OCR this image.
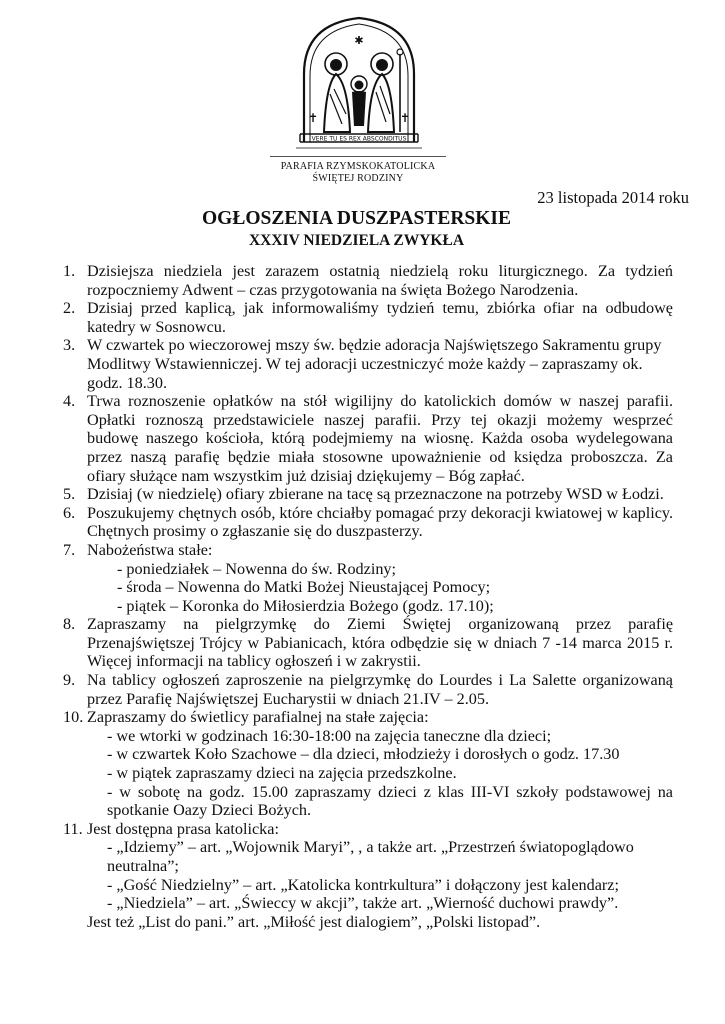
✱
✝	✝
VERE TU ES REX ABSCONDITUS
PARAFIA RZYMSKOKATOLICKA
ŚWIĘTEJ RODZINY
23 listopada 2014 roku
OGŁOSZENIA DUSZPASTERSKIE
XXXIV NIEDZIELA ZWYKŁA
1. Dzisiejsza niedziela jest zarazem ostatnią niedzielą roku liturgicznego. Za tydzień rozpoczniemy Adwent – czas przygotowania na święta Bożego Narodzenia.

2. Dzisiaj przed kaplicą, jak informowaliśmy tydzień temu, zbiórka ofiar na odbudowę katedry w Sosnowcu.

3. W czwartek po wieczorowej mszy św. będzie adoracja Najświętszego Sakramentu grupy Modlitwy Wstawienniczej. W tej adoracji uczestniczyć może każdy – zapraszamy ok. godz. 18.30.

4. Trwa roznoszenie opłatków na stół wigilijny do katolickich domów w naszej parafii. Opłatki roznoszą przedstawiciele naszej parafii. Przy tej okazji możemy wesprzeć budowę naszego kościoła, którą podejmiemy na wiosnę. Każda osoba wydelegowana przez naszą parafię będzie miała stosowne upoważnienie od księdza proboszcza. Za ofiary służące nam wszystkim już dzisiaj dziękujemy – Bóg zapłać.

5. Dzisiaj (w niedzielę) ofiary zbierane na tacę są przeznaczone na potrzeby WSD w Łodzi.

6. Poszukujemy chętnych osób, które chciałby pomagać przy dekoracji kwiatowej w kaplicy. Chętnych prosimy o zgłaszanie się do duszpasterzy.

7. Nabożeństwa stałe:

- poniedziałek – Nowenna do św. Rodziny;

- środa – Nowenna do Matki Bożej Nieustającej Pomocy;

- piątek – Koronka do Miłosierdzia Bożego (godz. 17.10);

8. Zapraszamy na pielgrzymkę do Ziemi Świętej organizowaną przez parafię Przenajświętszej Trójcy w Pabianicach, która odbędzie się w dniach 7 -14 marca 2015 r. Więcej informacji na tablicy ogłoszeń i w zakrystii.

9. Na tablicy ogłoszeń zaproszenie na pielgrzymkę do Lourdes i La Salette organizowaną przez Parafię Najświętszej Eucharystii w dniach 21.IV – 2.05.

10. Zapraszamy do świetlicy parafialnej na stałe zajęcia:

- we wtorki w godzinach 16:30-18:00 na zajęcia taneczne dla dzieci;

- w czwartek Koło Szachowe – dla dzieci, młodzieży i dorosłych o godz. 17.30

- w piątek zapraszamy dzieci na zajęcia przedszkolne.

- w sobotę na godz. 15.00 zapraszamy dzieci z klas III-VI szkoły podstawowej na spotkanie Oazy Dzieci Bożych.

11. Jest dostępna prasa katolicka:

- „Idziemy” – art. „Wojownik Maryi”, , a także art. „Przestrzeń światopoglądowo neutralna”;

- „Gość Niedzielny” – art. „Katolicka kontrkultura” i dołączony jest kalendarz;

- „Niedziela” – art. „Świeccy w akcji”, także art. „Wierność duchowi prawdy”.

Jest też „List do pani.” art. „Miłość jest dialogiem”, „Polski listopad”.
